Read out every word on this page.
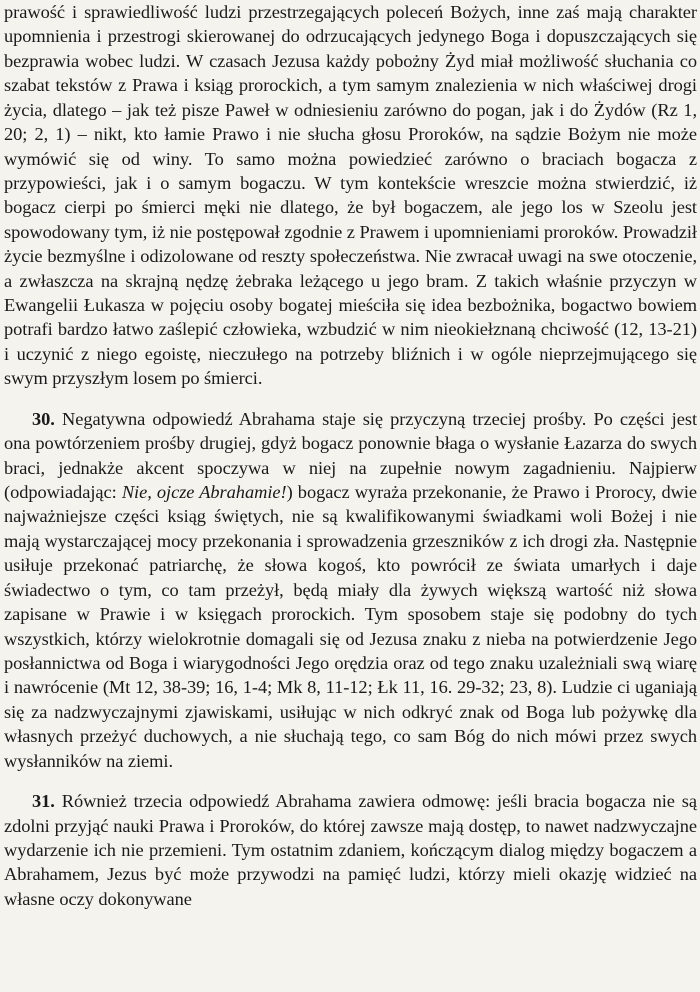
prawość i sprawiedliwość ludzi przestrzegających poleceń Bożych, inne zaś mają charakter upomnienia i przestrogi skierowanej do odrzucających jedynego Boga i dopuszczających się bezprawia wobec ludzi. W czasach Jezusa każdy pobożny Żyd miał możliwość słuchania co szabat tekstów z Prawa i ksiąg prorockich, a tym samym znalezienia w nich właściwej drogi życia, dlatego – jak też pisze Paweł w odniesieniu zarówno do pogan, jak i do Żydów (Rz 1, 20; 2, 1) – nikt, kto łamie Prawo i nie słucha głosu Proroków, na sądzie Bożym nie może wymówić się od winy. To samo można powiedzieć zarówno o braciach bogacza z przypowieści, jak i o samym bogaczu. W tym kontekście wreszcie można stwierdzić, iż bogacz cierpi po śmierci męki nie dlatego, że był bogaczem, ale jego los w Szeolu jest spowodowany tym, iż nie postępował zgodnie z Prawem i upomnieniami proroków. Prowadził życie bezmyślne i odizolowane od reszty społeczeństwa. Nie zwracał uwagi na swe otoczenie, a zwłaszcza na skrajną nędzę żebraka leżącego u jego bram. Z takich właśnie przyczyn w Ewangelii Łukasza w pojęciu osoby bogatej mieściła się idea bezbożnika, bogactwo bowiem potrafi bardzo łatwo zaślepić człowieka, wzbudzić w nim nieokiełznaną chciwość (12, 13-21) i uczynić z niego egoistę, nieczułego na potrzeby bliźnich i w ogóle nieprzejmującego się swym przyszłym losem po śmierci.

30. Negatywna odpowiedź Abrahama staje się przyczyną trzeciej prośby. Po części jest ona powtórzeniem prośby drugiej, gdyż bogacz ponownie błaga o wysłanie Łazarza do swych braci, jednakże akcent spoczywa w niej na zupełnie nowym zagadnieniu. Najpierw (odpowiadając: Nie, ojcze Abrahamie!) bogacz wyraża przekonanie, że Prawo i Prorocy, dwie najważniejsze części ksiąg świętych, nie są kwalifikowanymi świadkami woli Bożej i nie mają wystarczającej mocy przekonania i sprowadzenia grzeszników z ich drogi zła. Następnie usiłuje przekonać patriarchę, że słowa kogoś, kto powrócił ze świata umarłych i daje świadectwo o tym, co tam przeżył, będą miały dla żywych większą wartość niż słowa zapisane w Prawie i w księgach prorockich. Tym sposobem staje się podobny do tych wszystkich, którzy wielokrotnie domagali się od Jezusa znaku z nieba na potwierdzenie Jego posłannictwa od Boga i wiarygodności Jego orędzia oraz od tego znaku uzależniali swą wiarę i nawrócenie (Mt 12, 38-39; 16, 1-4; Mk 8, 11-12; Łk 11, 16. 29-32; 23, 8). Ludzie ci uganiają się za nadzwyczajnymi zjawiskami, usiłując w nich odkryć znak od Boga lub pożywkę dla własnych przeżyć duchowych, a nie słuchają tego, co sam Bóg do nich mówi przez swych wysłanników na ziemi.

31. Również trzecia odpowiedź Abrahama zawiera odmowę: jeśli bracia bogacza nie są zdolni przyjąć nauki Prawa i Proroków, do której zawsze mają dostęp, to nawet nadzwyczajne wydarzenie ich nie przemieni. Tym ostatnim zdaniem, kończącym dialog między bogaczem a Abrahamem, Jezus być może przywodzi na pamięć ludzi, którzy mieli okazję widzieć na własne oczy dokonywane
